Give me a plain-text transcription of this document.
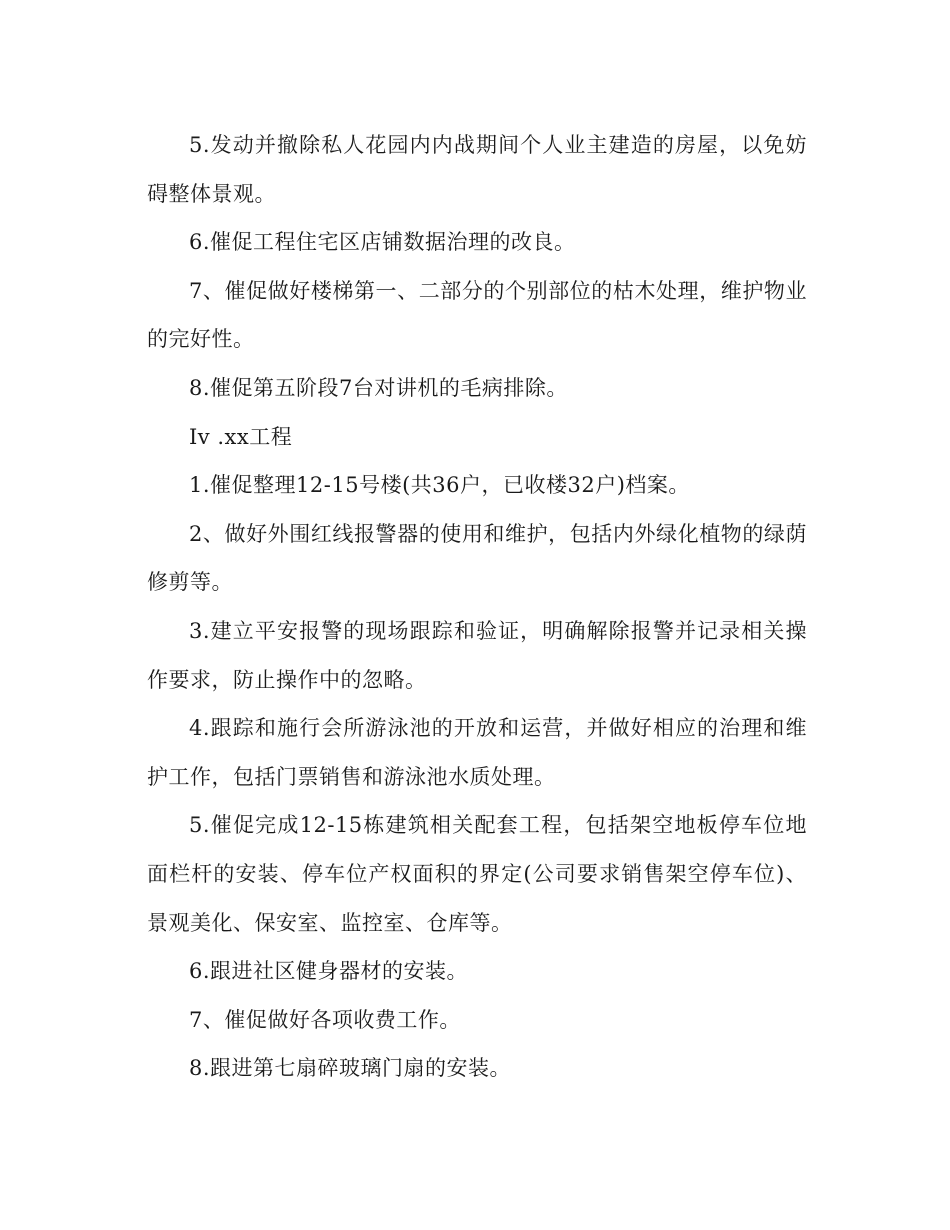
5.发动并撤除私人花园内内战期间个人业主建造的房屋，以免妨碍整体景观。

6.催促工程住宅区店铺数据治理的改良。

7、催促做好楼梯第一、二部分的个别部位的枯木处理，维护物业的完好性。

8.催促第五阶段7台对讲机的毛病排除。

Iv .xx工程

1.催促整理12-15号楼(共36户，已收楼32户)档案。

2、做好外围红线报警器的使用和维护，包括内外绿化植物的绿荫修剪等。

3.建立平安报警的现场跟踪和验证，明确解除报警并记录相关操作要求，防止操作中的忽略。

4.跟踪和施行会所游泳池的开放和运营，并做好相应的治理和维护工作，包括门票销售和游泳池水质处理。

5.催促完成12-15栋建筑相关配套工程，包括架空地板停车位地面栏杆的安装、停车位产权面积的界定(公司要求销售架空停车位)、景观美化、保安室、监控室、仓库等。

6.跟进社区健身器材的安装。

7、催促做好各项收费工作。

8.跟进第七扇碎玻璃门扇的安装。
